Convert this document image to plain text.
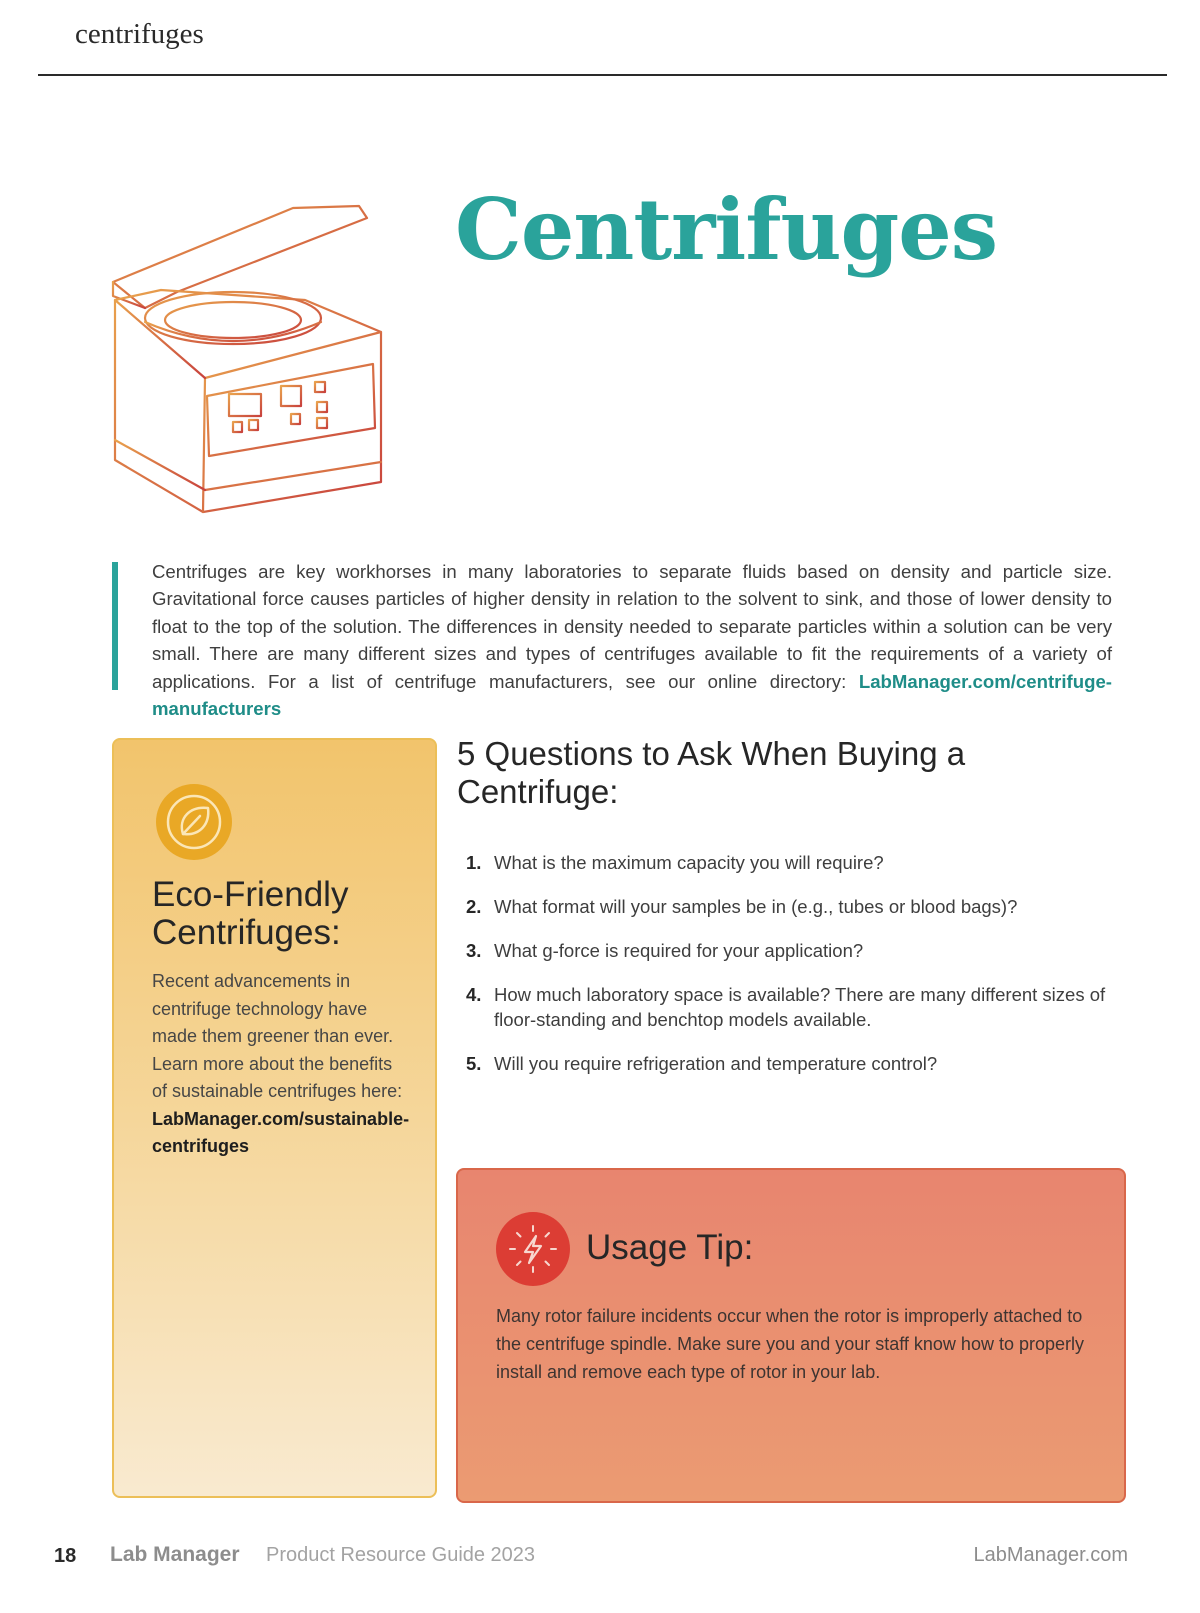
centrifuges
Centrifuges
Centrifuges are key workhorses in many laboratories to separate fluids based on density and particle size. Gravitational force causes particles of higher density in relation to the solvent to sink, and those of lower density to float to the top of the solution. The differences in density needed to separate particles within a solution can be very small. There are many different sizes and types of centrifuges available to fit the requirements of a variety of applications. For a list of centrifuge manufacturers, see our online directory: LabManager.com/centrifuge-manufacturers
Eco-Friendly Centrifuges:
Recent advancements in centrifuge technology have made them greener than ever. Learn more about the benefits of sustainable centrifuges here: LabManager.com/sustainable-centrifuges
5 Questions to Ask When Buying a Centrifuge:
1. What is the maximum capacity you will require?
2. What format will your samples be in (e.g., tubes or blood bags)?
3. What g-force is required for your application?
4. How much laboratory space is available? There are many different sizes of floor-standing and benchtop models available.
5. Will you require refrigeration and temperature control?
Usage Tip:
Many rotor failure incidents occur when the rotor is improperly attached to the centrifuge spindle. Make sure you and your staff know how to properly install and remove each type of rotor in your lab.
18 Lab Manager Product Resource Guide 2023	LabManager.com
